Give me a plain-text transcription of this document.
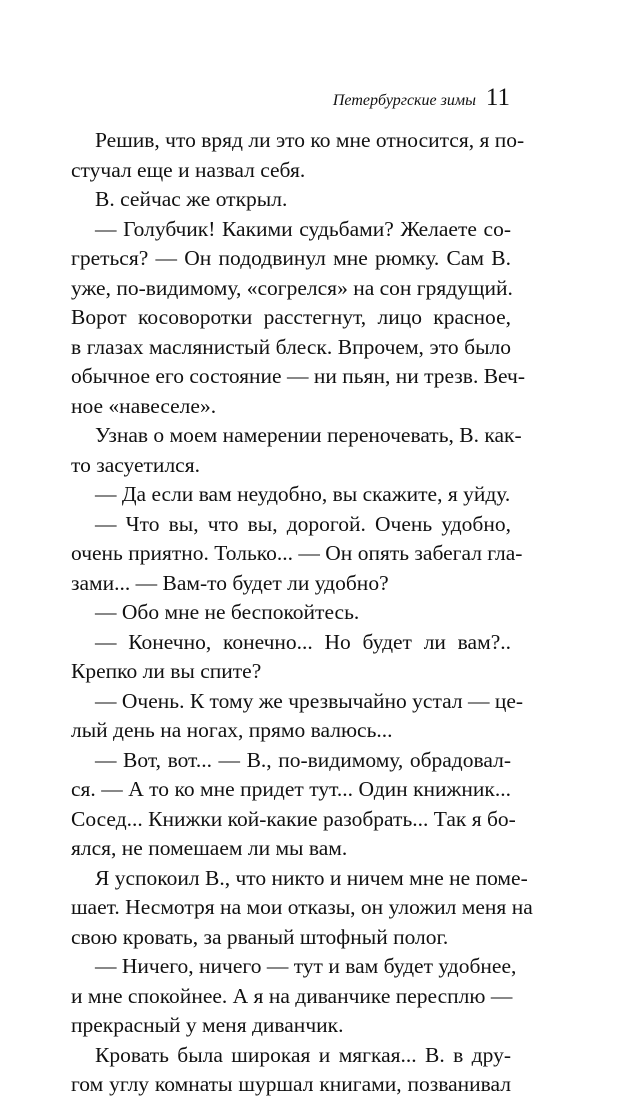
Петербургские зимы 11
Решив, что вряд ли это ко мне относится, я по-
стучал еще и назвал себя.
В. сейчас же открыл.
— Голубчик! Какими судьбами? Желаете со-
греться? — Он пододвинул мне рюмку. Сам В.
уже, по-видимому, «согрелся» на сон грядущий.
Ворот косоворотки расстегнут, лицо красное,
в глазах маслянистый блеск. Впрочем, это было
обычное его состояние — ни пьян, ни трезв. Веч-
ное «навеселе».
Узнав о моем намерении переночевать, В. как-
то засуетился.
— Да если вам неудобно, вы скажите, я уйду.
— Что вы, что вы, дорогой. Очень удобно,
очень приятно. Только... — Он опять забегал гла-
зами... — Вам-то будет ли удобно?
— Обо мне не беспокойтесь.
— Конечно, конечно... Но будет ли вам?..
Крепко ли вы спите?
— Очень. К тому же чрезвычайно устал — це-
лый день на ногах, прямо валюсь...
— Вот, вот... — В., по-видимому, обрадовал-
ся. — А то ко мне придет тут... Один книжник...
Сосед... Книжки кой-какие разобрать... Так я бо-
ялся, не помешаем ли мы вам.
Я успокоил В., что никто и ничем мне не поме-
шает. Несмотря на мои отказы, он уложил меня на
свою кровать, за рваный штофный полог.
— Ничего, ничего — тут и вам будет удобнее,
и мне спокойнее. А я на диванчике пересплю —
прекрасный у меня диванчик.
Кровать была широкая и мягкая... В. в дру-
гом углу комнаты шуршал книгами, позванивал
